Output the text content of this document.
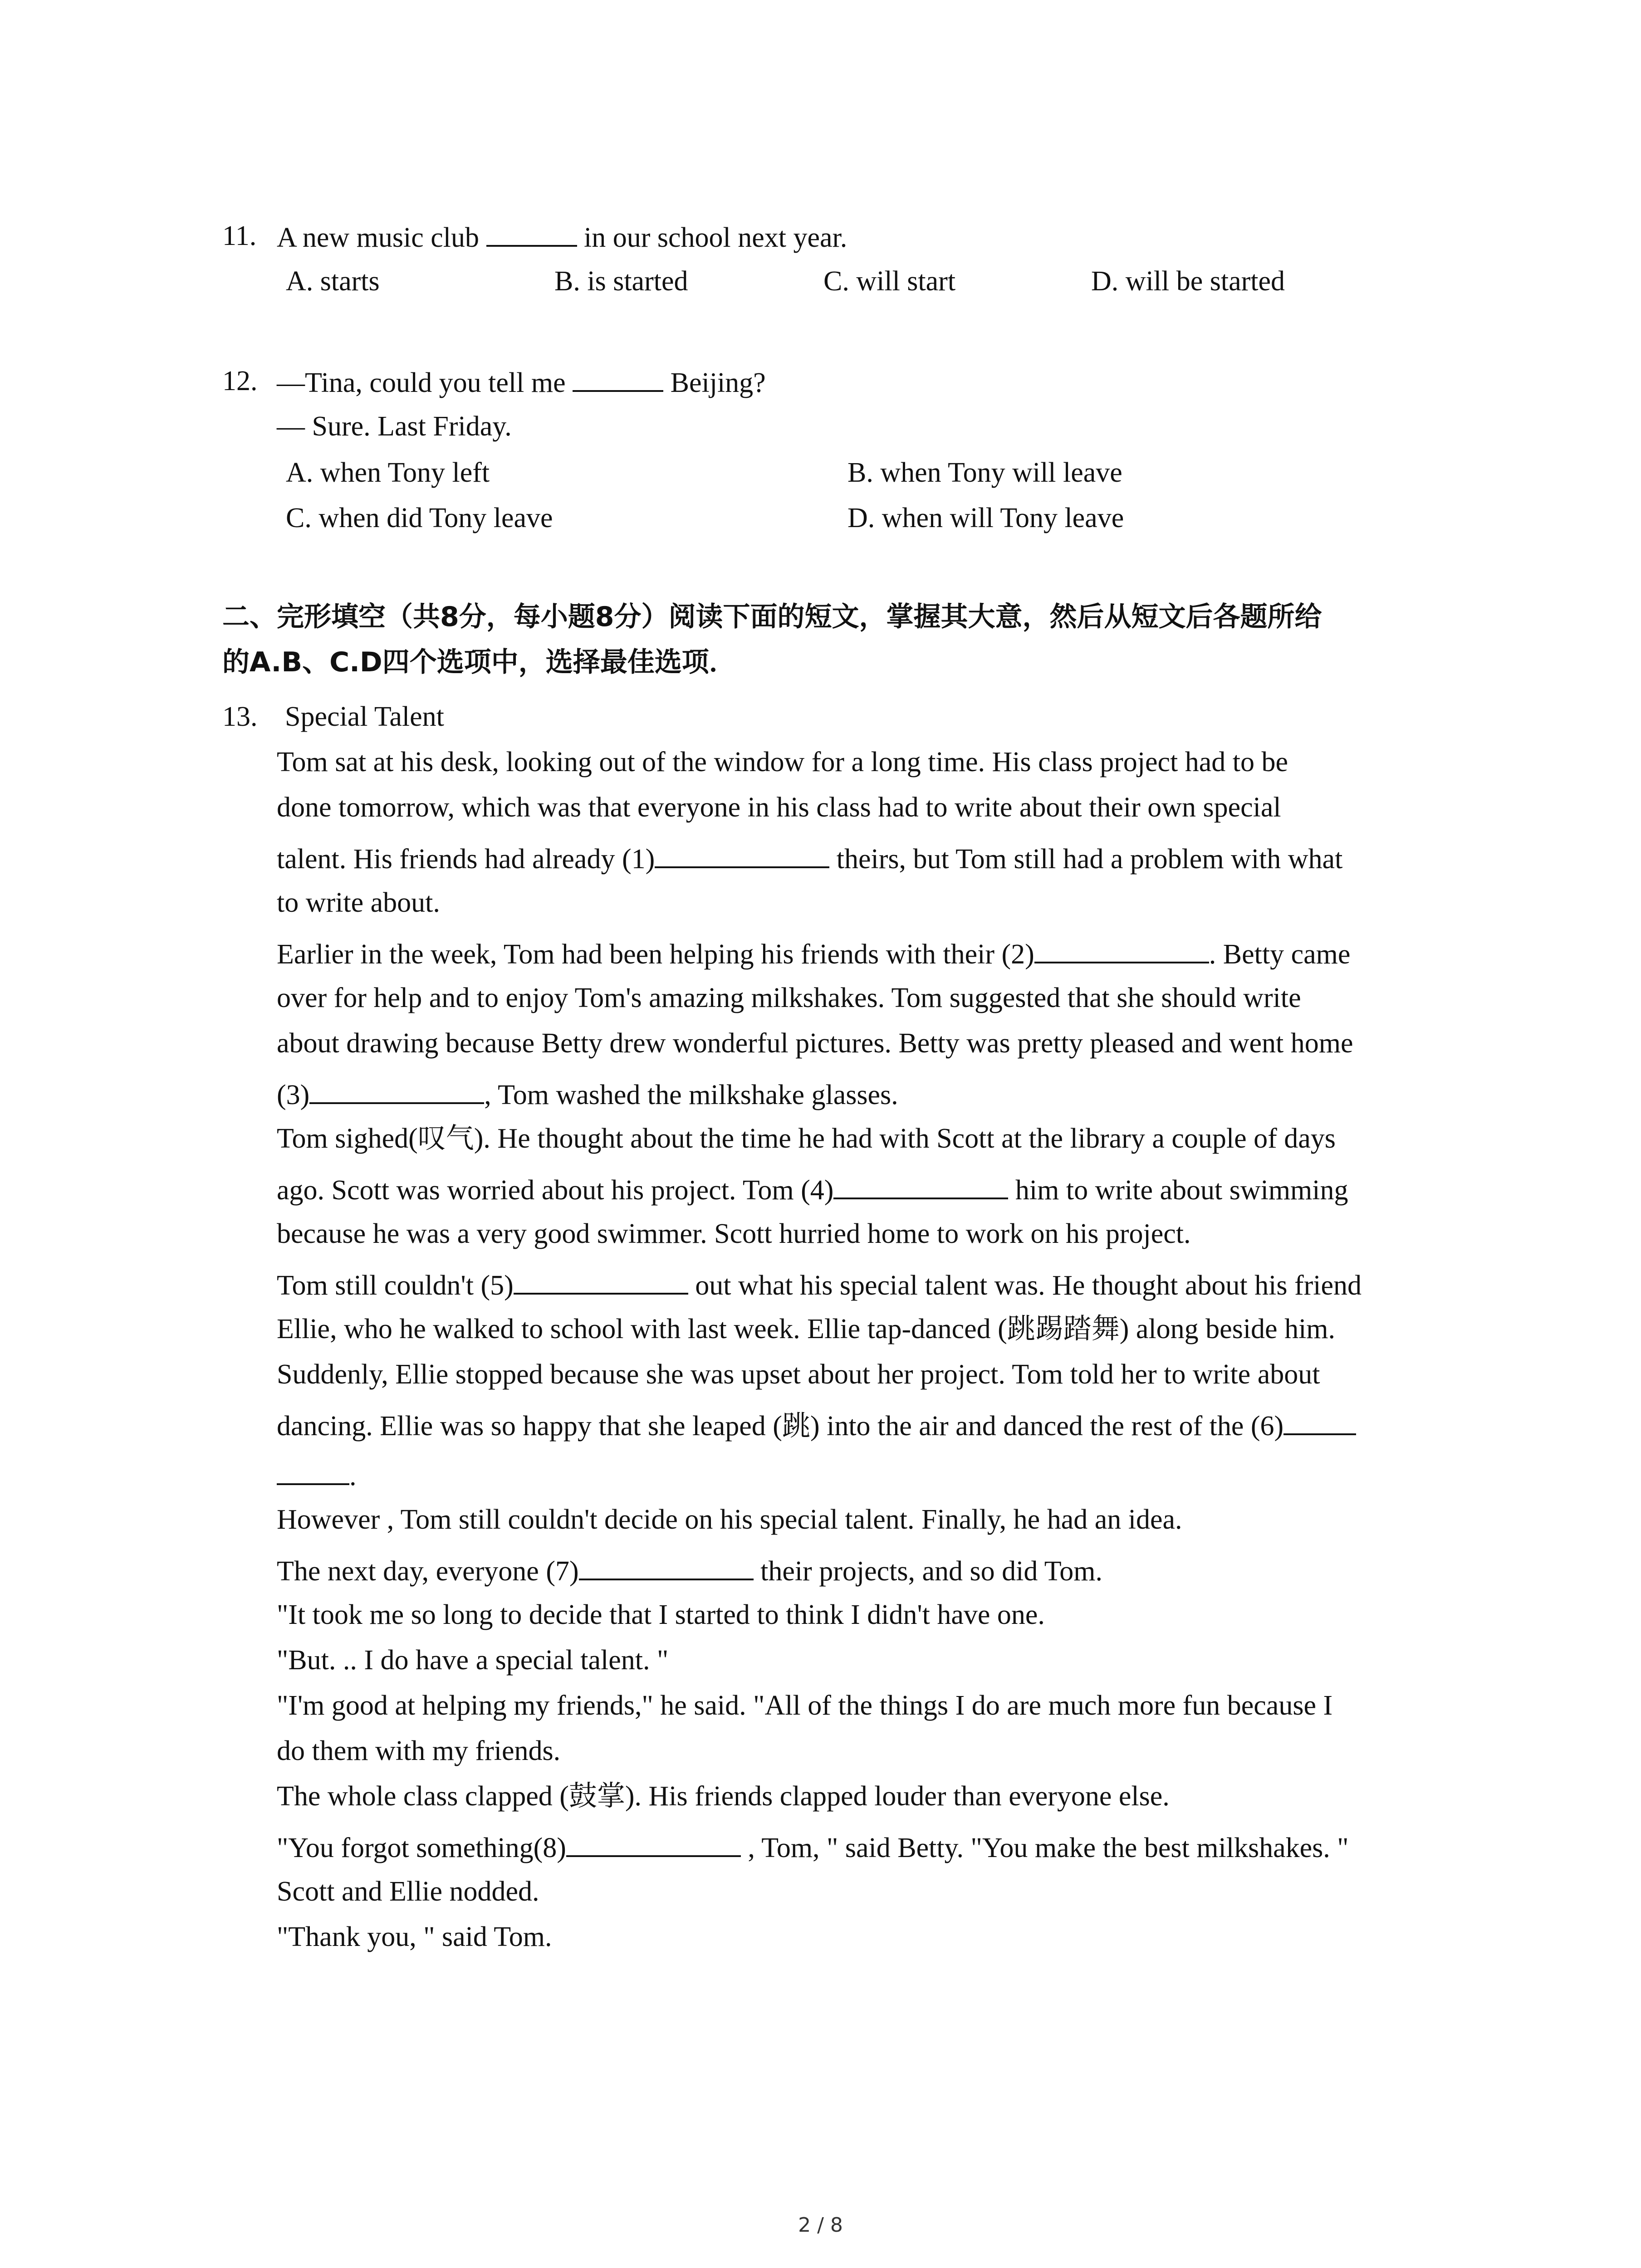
11. A new music club	in our school next year.
A. starts	B. is started	C. will start	D. will be started
12. —Tina, could you tell me	Beijing?
— Sure. Last Friday.
A. when Tony left	B. when Tony will leave
C. when did Tony leave	D. when will Tony leave
二、完形填空（共8分，每小题8分）阅读下面的短文，掌握其大意，然后从短文后各题所给
的A.B、C.D四个选项中，选择最佳选项．
13. Special Talent
Tom sat at his desk, looking out of the window for a long time. His class project had to be
done tomorrow, which was that everyone in his class had to write about their own special
talent. His friends had already (1)	theirs, but Tom still had a problem with what
to write about.
Earlier in the week, Tom had been helping his friends with their (2)	. Betty came
over for help and to enjoy Tom's amazing milkshakes. Tom suggested that she should write
about drawing because Betty drew wonderful pictures. Betty was pretty pleased and went home
(3)	, Tom washed the milkshake glasses.
Tom sighed(叹气). He thought about the time he had with Scott at the library a couple of days
ago. Scott was worried about his project. Tom (4)	him to write about swimming
because he was a very good swimmer. Scott hurried home to work on his project.
Tom still couldn't (5)	out what his special talent was. He thought about his friend
Ellie, who he walked to school with last week. Ellie tap-danced (跳踢踏舞) along beside him.
Suddenly, Ellie stopped because she was upset about her project. Tom told her to write about
dancing. Ellie was so happy that she leaped (跳) into the air and danced the rest of the (6)
.
However , Tom still couldn't decide on his special talent. Finally, he had an idea.
The next day, everyone (7)	their projects, and so did Tom.
"It took me so long to decide that I started to think I didn't have one.
"But. .. I do have a special talent. "
"I'm good at helping my friends," he said. "All of the things I do are much more fun because I
do them with my friends.
The whole class clapped (鼓掌). His friends clapped louder than everyone else.
"You forgot something(8)	, Tom, " said Betty. "You make the best milkshakes. "
Scott and Ellie nodded.
"Thank you, " said Tom.
2 / 8
